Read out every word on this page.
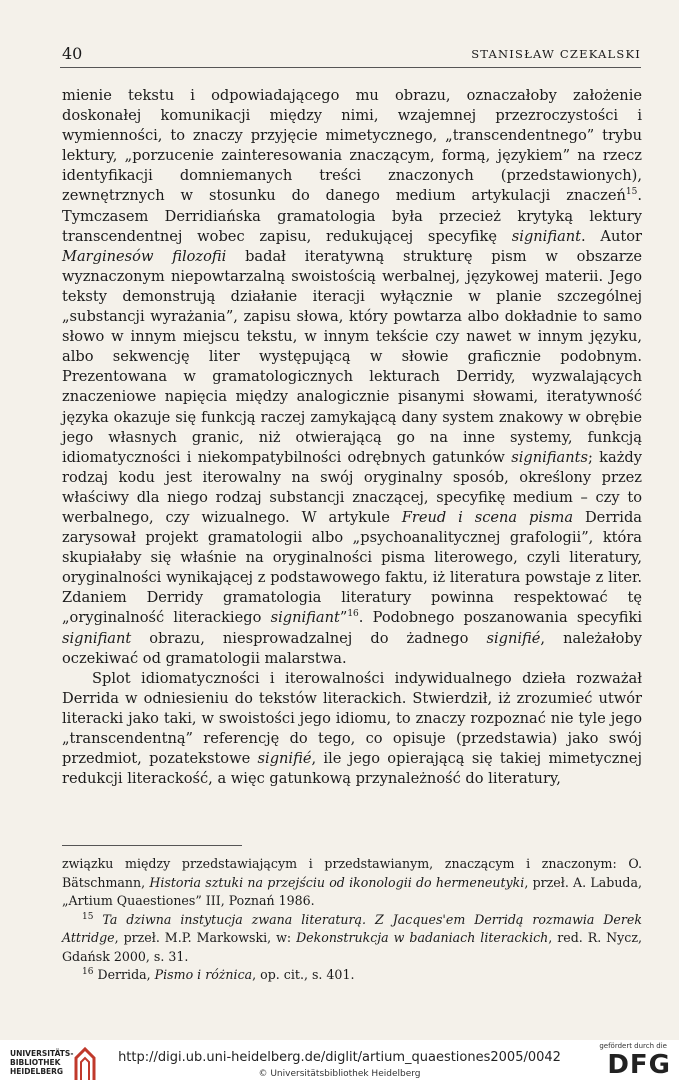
40	STANISŁAW CZEKALSKI

mienie tekstu i odpowiadającego mu obrazu, oznaczałoby założenie doskonałej komunikacji między nimi, wzajemnej przezroczystości i wymienności, to znaczy przyjęcie mimetycznego, „transcendentnego” trybu lektury, „porzucenie zainteresowania znaczącym, formą, językiem” na rzecz identyfikacji domniemanych treści znaczonych (przedstawionych), zewnętrznych w stosunku do danego medium artykulacji znaczeń$^{15}$. Tymczasem Derridiańska gramatologia była przecież krytyką lektury transcendentnej wobec zapisu, redukującej specyfikę signifiant. Autor Marginesów filozofii badał iteratywną strukturę pism w obszarze wyznaczonym niepowtarzalną swoistością werbalnej, językowej materii. Jego teksty demonstrują działanie iteracji wyłącznie w planie szczególnej „substancji wyrażania”, zapisu słowa, który powtarza albo dokładnie to samo słowo w innym miejscu tekstu, w innym tekście czy nawet w innym języku, albo sekwencję liter występującą w słowie graficznie podobnym. Prezentowana w gramatologicznych lekturach Derridy, wyzwalających znaczeniowe napięcia między analogicznie pisanymi słowami, iteratywność języka okazuje się funkcją raczej zamykającą dany system znakowy w obrębie jego własnych granic, niż otwierającą go na inne systemy, funkcją idiomatyczności i niekompatybilności odrębnych gatunków signifiants; każdy rodzaj kodu jest iterowalny na swój oryginalny sposób, określony przez właściwy dla niego rodzaj substancji znaczącej, specyfikę medium – czy to werbalnego, czy wizualnego. W artykule Freud i scena pisma Derrida zarysował projekt gramatologii albo „psychoanalitycznej grafologii”, która skupiałaby się właśnie na oryginalności pisma literowego, czyli literatury, oryginalności wynikającej z podstawowego faktu, iż literatura powstaje z liter. Zdaniem Derridy gramatologia literatury powinna respektować tę „oryginalność literackiego signifiant”$^{16}$. Podobnego poszanowania specyfiki signifiant obrazu, niesprowadzalnej do żadnego signifié, należałoby oczekiwać od gramatologii malarstwa.

Splot idiomatyczności i iterowalności indywidualnego dzieła rozważał Derrida w odniesieniu do tekstów literackich. Stwierdził, iż zrozumieć utwór literacki jako taki, w swoistości jego idiomu, to znaczy rozpoznać nie tyle jego „transcendentną” referencję do tego, co opisuje (przedstawia) jako swój przedmiot, pozatekstowe signifié, ile jego opierającą się takiej mimetycznej redukcji literackość, a więc gatunkową przynależność do literatury,

związku między przedstawiającym i przedstawianym, znaczącym i znaczonym: O. Bätschmann, Historia sztuki na przejściu od ikonologii do hermeneutyki, przeł. A. Labuda, „Artium Quaestiones” III, Poznań 1986.

$^{15}$ Ta dziwna instytucja zwana literaturą. Z Jacques'em Derridą rozmawia Derek Attridge, przeł. M.P. Markowski, w: Dekonstrukcja w badaniach literackich, red. R. Nycz, Gdańsk 2000, s. 31.

$^{16}$ Derrida, Pismo i różnica, op. cit., s. 401.

UNIVERSITÄTS-
BIBLIOTHEK
HEIDELBERG
http://digi.ub.uni-heidelberg.de/diglit/artium_quaestiones2005/0042
© Universitätsbibliothek Heidelberg
gefördert durch die
DFG
